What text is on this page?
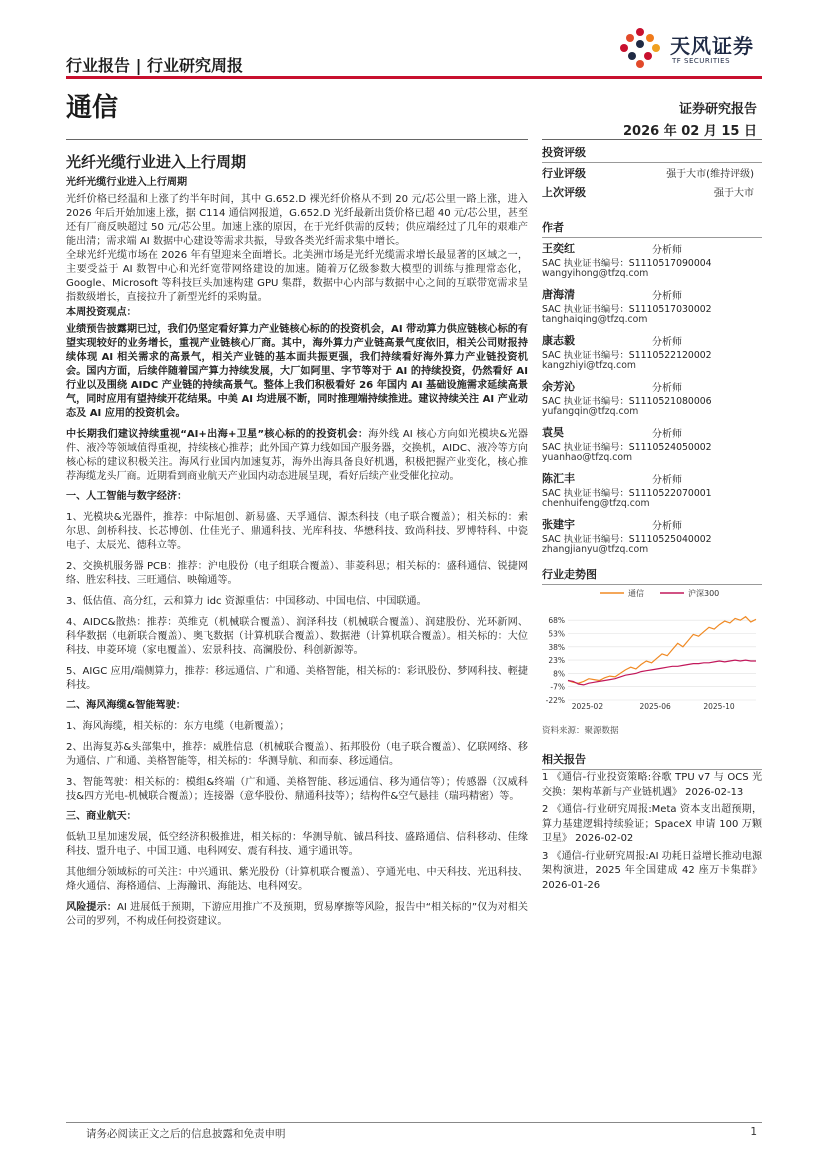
行业报告 | 行业研究周报
天风证券
TF SECURITIES
通信	证券研究报告
2026 年 02 月 15 日
光纤光缆行业进入上行周期

光纤光缆行业进入上行周期

光纤价格已经温和上涨了约半年时间，其中 G.652.D 裸光纤价格从不到 20 元/芯公里一路上涨，进入 2026 年后开始加速上涨，据 C114 通信网报道，G.652.D 光纤最新出货价格已超 40 元/芯公里，甚至还有厂商反映超过 50 元/芯公里。加速上涨的原因，在于光纤供需的反转；供应端经过了几年的艰难产能出清；需求端 AI 数据中心建设等需求共振，导致各类光纤需求集中增长。

全球光纤光缆市场在 2026 年有望迎来全面增长。北美洲市场是光纤光缆需求增长最显著的区域之一，主要受益于 AI 数智中心和光纤宽带网络建设的加速。随着万亿级参数大模型的训练与推理常态化，Google、Microsoft 等科技巨头加速构建 GPU 集群，数据中心内部与数据中心之间的互联带宽需求呈指数级增长，直接拉升了新型光纤的采购量。

本周投资观点：

业绩预告披露期已过，我们仍坚定看好算力产业链核心标的的投资机会，AI 带动算力供应链核心标的有望实现较好的业务增长，重视产业链核心厂商。其中，海外算力产业链高景气度依旧，相关公司财报持续体现 AI 相关需求的高景气，相关产业链的基本面共振更强，我们持续看好海外算力产业链投资机会。国内方面，后续伴随着国产算力持续发展，大厂如阿里、字节等对于 AI 的持续投资，仍然看好 AI 行业以及围绕 AIDC 产业链的持续高景气。整体上我们积极看好 26 年国内 AI 基础设施需求延续高景气，同时应用有望持续开花结果。中美 AI 均进展不断，同时推理端持续推进。建议持续关注 AI 产业动态及 AI 应用的投资机会。

中长期我们建议持续重视“AI+出海+卫星”核心标的的投资机会：海外线 AI 核心方向如光模块&光器件、液冷等领域值得重视，持续核心推荐；此外国产算力线如国产服务器，交换机，AIDC、液冷等方向核心标的建议积极关注。海风行业国内加速复苏，海外出海具备良好机遇，积极把握产业变化，核心推荐海缆龙头厂商。近期看到商业航天产业国内动态进展呈现，看好后续产业受催化拉动。

一、人工智能与数字经济：

1、光模块&光器件，推荐：中际旭创、新易盛、天孚通信、源杰科技（电子联合覆盖）；相关标的：索尔思、剑桥科技、长芯博创、仕佳光子、鼎通科技、光库科技、华懋科技、致尚科技、罗博特科、中瓷电子、太辰光、德科立等。

2、交换机服务器 PCB：推荐：沪电股份（电子组联合覆盖）、菲菱科思；相关标的：盛科通信、锐捷网络、胜宏科技、三旺通信、映翰通等。

3、低估值、高分红，云和算力 idc 资源重估：中国移动、中国电信、中国联通。

4、AIDC&散热：推荐：英维克（机械联合覆盖）、润泽科技（机械联合覆盖）、润建股份、光环新网、科华数据（电新联合覆盖）、奥飞数据（计算机联合覆盖）、数据港（计算机联合覆盖）。相关标的：大位科技、申菱环境（家电覆盖）、宏景科技、高澜股份、科创新源等。

5、AIGC 应用/端侧算力，推荐：移远通信、广和通、美格智能，相关标的：彩讯股份、梦网科技、輕捷科技。

二、海风海缆&智能驾驶：

1、海风海缆，相关标的：东方电缆（电新覆盖）；

2、出海复苏&头部集中，推荐：威胜信息（机械联合覆盖）、拓邦股份（电子联合覆盖）、亿联网络、移为通信、广和通、美格智能等，相关标的：华测导航、和而泰、移远通信。

3、智能驾驶：相关标的：模组&终端（广和通、美格智能、移远通信、移为通信等）；传感器（汉威科技&四方光电-机械联合覆盖）；连接器（意华股份、鼎通科技等）；结构件&空气悬挂（瑞玛精密）等。

三、商业航天：

低轨卫星加速发展，低空经济积极推进，相关标的：华测导航、铖昌科技、盛路通信、信科移动、佳缘科技、盟升电子、中国卫通、电科网安、震有科技、通宇通讯等。

其他细分领域标的可关注：中兴通讯、紫光股份（计算机联合覆盖）、亨通光电、中天科技、光迅科技、烽火通信、海格通信、上海瀚讯、海能达、电科网安。

风险提示：AI 进展低于预期，下游应用推广不及预期，贸易摩擦等风险，报告中“相关标的”仅为对相关公司的罗列，不构成任何投资建议。

投资评级
行业评级	强于大市(维持评级)
上次评级	强于大市
作者
王奕红	分析师
SAC 执业证书编号：S1110517090004
wangyihong@tfzq.com
唐海清	分析师
SAC 执业证书编号：S1110517030002
tanghaiqing@tfzq.com
康志毅	分析师
SAC 执业证书编号：S1110522120002
kangzhiyi@tfzq.com
余芳沁	分析师
SAC 执业证书编号：S1110521080006
yufangqin@tfzq.com
袁昊	分析师
SAC 执业证书编号：S1110524050002
yuanhao@tfzq.com
陈汇丰	分析师
SAC 执业证书编号：S1110522070001
chenhuifeng@tfzq.com
张建宇	分析师
SAC 执业证书编号：S1110525040002
zhangjianyu@tfzq.com
行业走势图
通信	沪深300
68%
53%
38%
23%
8%
-7%
-22%
2025-02	2025-06	2025-10
资料来源：聚源数据
相关报告
1 《通信-行业投资策略:谷歌 TPU v7 与 OCS 光交换：架构革新与产业链机遇》 2026-02-13
2 《通信-行业研究周报:Meta 资本支出超预期，算力基建逻辑持续验证；SpaceX 申请 100 万颗卫星》 2026-02-02
3 《通信-行业研究周报:AI 功耗日益增长推动电源架构演进，2025 年全国建成 42 座万卡集群》 2026-01-26
请务必阅读正文之后的信息披露和免责申明	1
